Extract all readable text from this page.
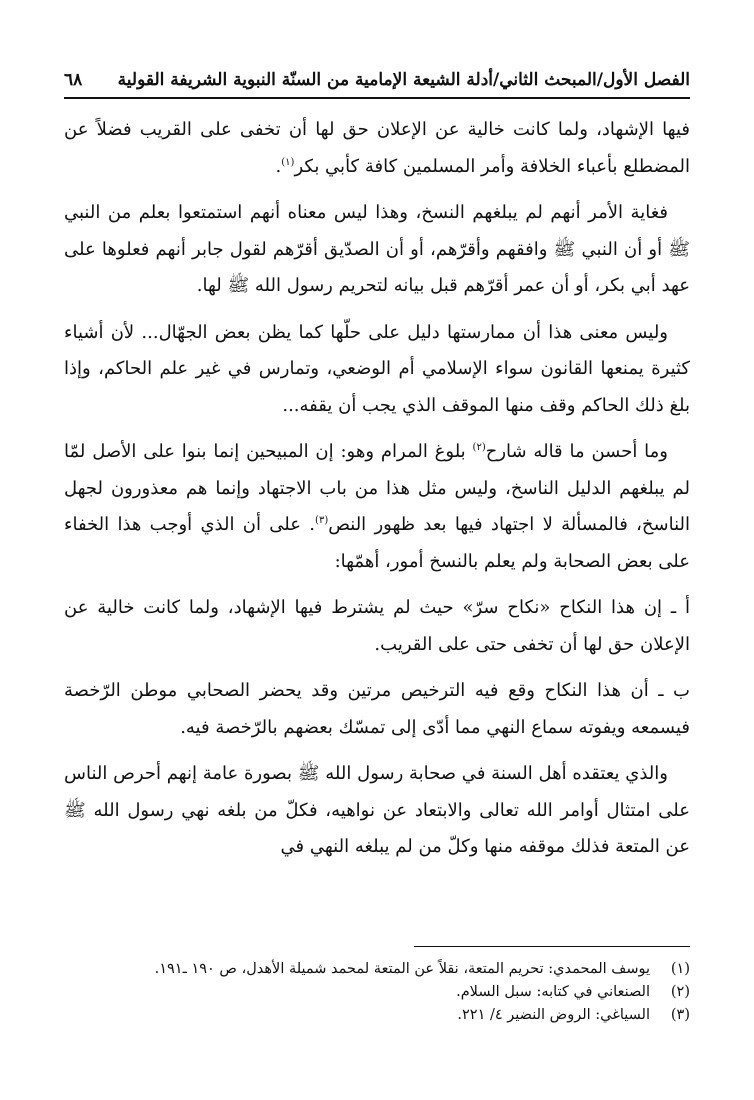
الفصل الأول/المبحث الثاني/أدلة الشيعة الإمامية من السنّة النبوية الشريفة القولية
٦٨

فيها الإشهاد، ولما كانت خالية عن الإعلان حق لها أن تخفى على القريب فضلاً عن المضطلع بأعباء الخلافة وأمر المسلمين كافة كأبي بكر$^{(١)}$.

فغاية الأمر أنهم لم يبلغهم النسخ، وهذا ليس معناه أنهم استمتعوا بعلم من النبي ﷺ أو أن النبي ﷺ وافقهم وأقرّهم، أو أن الصدّيق أقرّهم لقول جابر أنهم فعلوها على عهد أبي بكر، أو أن عمر أقرّهم قبل بيانه لتحريم رسول الله ﷺ لها.

وليس معنى هذا أن ممارستها دليل على حلّها كما يظن بعض الجهّال... لأن أشياء كثيرة يمنعها القانون سواء الإسلامي أم الوضعي، وتمارس في غير علم الحاكم، وإذا بلغ ذلك الحاكم وقف منها الموقف الذي يجب أن يقفه...

وما أحسن ما قاله شارح$^{(٢)}$ بلوغ المرام وهو: إن المبيحين إنما بنوا على الأصل لمّا لم يبلغهم الدليل الناسخ، وليس مثل هذا من باب الاجتهاد وإنما هم معذورون لجهل الناسخ، فالمسألة لا اجتهاد فيها بعد ظهور النص$^{(٣)}$. على أن الذي أوجب هذا الخفاء على بعض الصحابة ولم يعلم بالنسخ أمور، أهمّها:

أ ـ إن هذا النكاح «نكاح سرّ» حيث لم يشترط فيها الإشهاد، ولما كانت خالية عن الإعلان حق لها أن تخفى حتى على القريب.

ب ـ أن هذا النكاح وقع فيه الترخيص مرتين وقد يحضر الصحابي موطن الرّخصة فيسمعه ويفوته سماع النهي مما أدّى إلى تمسّك بعضهم بالرّخصة فيه.

والذي يعتقده أهل السنة في صحابة رسول الله ﷺ بصورة عامة إنهم أحرص الناس على امتثال أوامر الله تعالى والابتعاد عن نواهيه، فكلّ من بلغه نهي رسول الله ﷺ عن المتعة فذلك موقفه منها وكلّ من لم يبلغه النهي في

(١)
يوسف المحمدي: تحريم المتعة، نقلاً عن المتعة لمحمد شميلة الأهدل، ص ١٩٠ ـ١٩١.
(٢)
الصنعاني في كتابه: سبل السلام.
(٣)
السياغي: الروض النضير ٤/ ٢٢١.
